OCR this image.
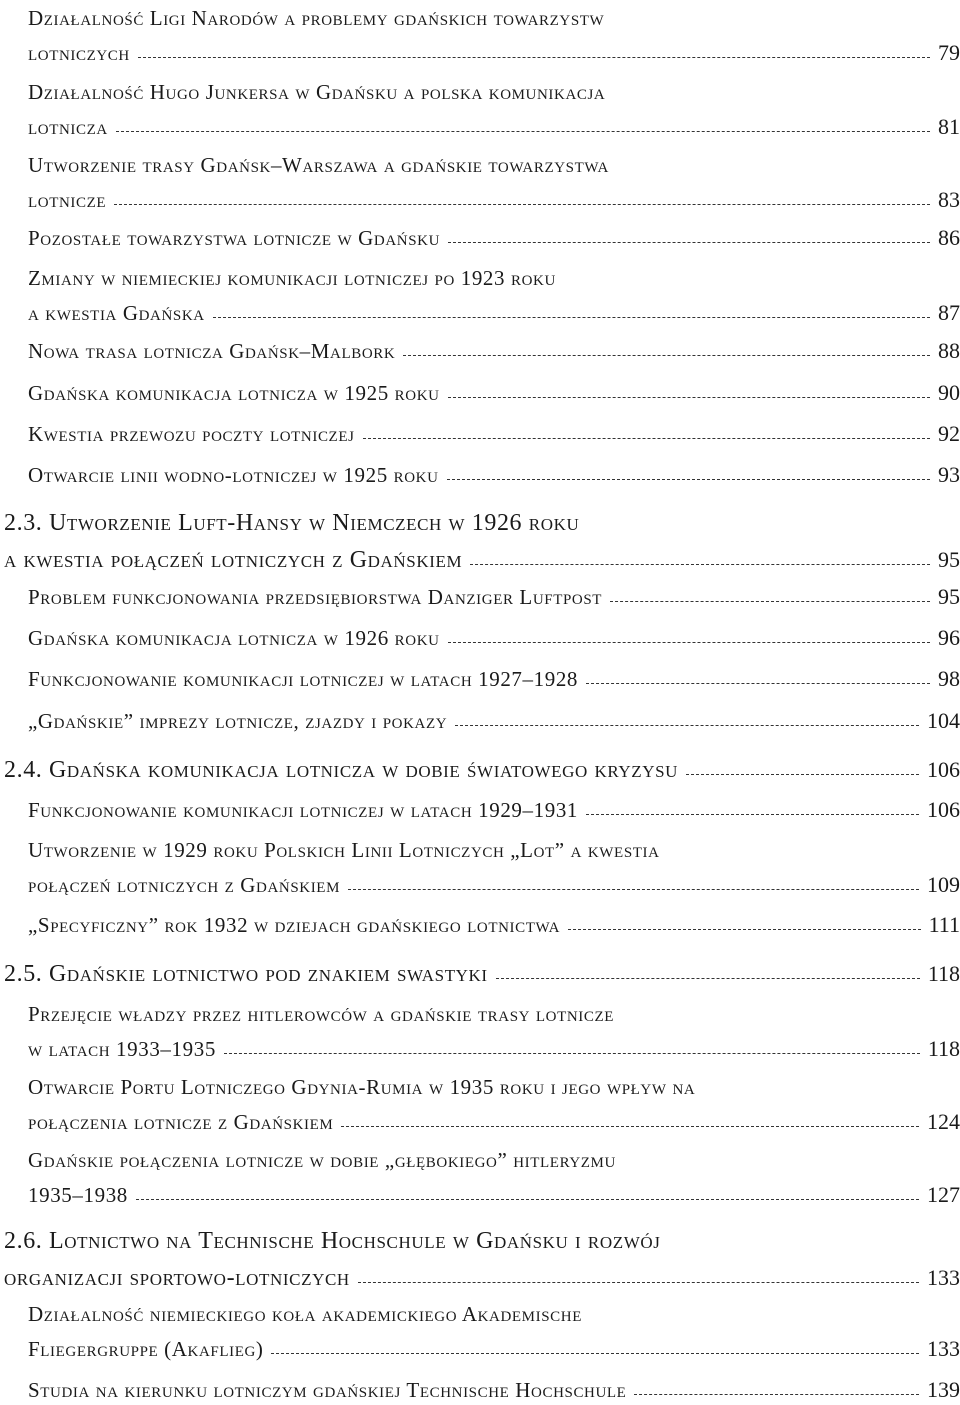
Działalność Ligi Narodów a problemy gdańskich towarzystw
lotniczych	79
Działalność Hugo Junkersa w Gdańsku a polska komunikacja
lotnicza	81
Utworzenie trasy Gdańsk–Warszawa a gdańskie towarzystwa
lotnicze	83
Pozostałe towarzystwa lotnicze w Gdańsku	86
Zmiany w niemieckiej komunikacji lotniczej po 1923 roku
a kwestia Gdańska	87
Nowa trasa lotnicza Gdańsk–Malbork	88
Gdańska komunikacja lotnicza w 1925 roku	90
Kwestia przewozu poczty lotniczej	92
Otwarcie linii wodno-lotniczej w 1925 roku	93
2.3. Utworzenie Luft-Hansy w Niemczech w 1926 roku
a kwestia połączeń lotniczych z Gdańskiem	95
Problem funkcjonowania przedsiębiorstwa Danziger Luftpost	95
Gdańska komunikacja lotnicza w 1926 roku	96
Funkcjonowanie komunikacji lotniczej w latach 1927–1928	98
„Gdańskie” imprezy lotnicze, zjazdy i pokazy	104
2.4. Gdańska komunikacja lotnicza w dobie światowego kryzysu	106
Funkcjonowanie komunikacji lotniczej w latach 1929–1931	106
Utworzenie w 1929 roku Polskich Linii Lotniczych „Lot” a kwestia
połączeń lotniczych z Gdańskiem	109
„Specyficzny” rok 1932 w dziejach gdańskiego lotnictwa	111
2.5. Gdańskie lotnictwo pod znakiem swastyki	118
Przejęcie władzy przez hitlerowców a gdańskie trasy lotnicze
w latach 1933–1935	118
Otwarcie Portu Lotniczego Gdynia-Rumia w 1935 roku i jego wpływ na
połączenia lotnicze z Gdańskiem	124
Gdańskie połączenia lotnicze w dobie „głębokiego” hitleryzmu
1935–1938	127
2.6. Lotnictwo na Technische Hochschule w Gdańsku i rozwój
organizacji sportowo-lotniczych	133
Działalność niemieckiego koła akademickiego Akademische
Fliegergruppe (Akaflieg)	133
Studia na kierunku lotniczym gdańskiej Technische Hochschule	139
